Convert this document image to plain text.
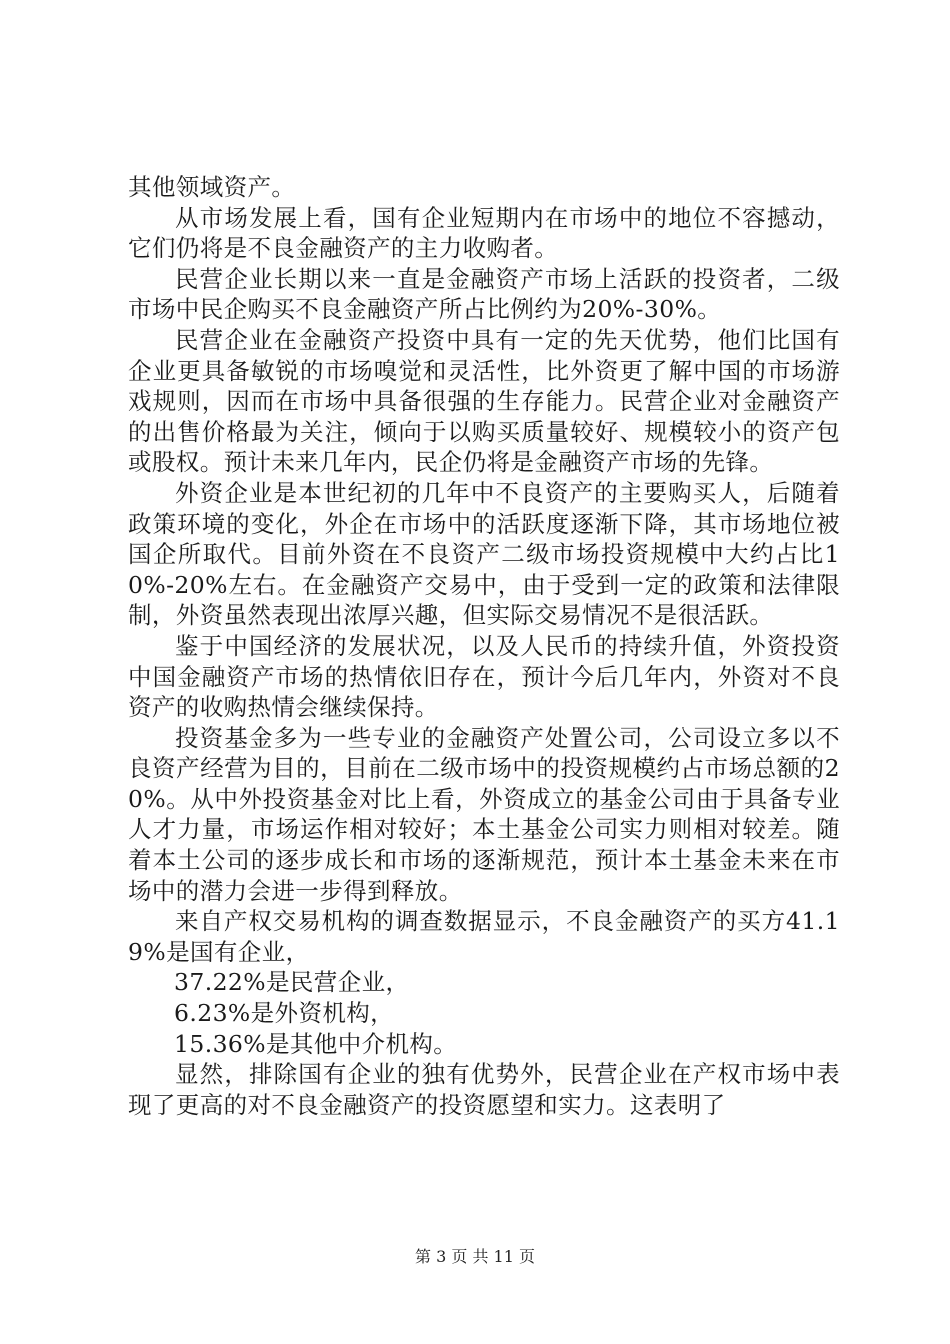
其他领域资产。

从市场发展上看，国有企业短期内在市场中的地位不容撼动，它们仍将是不良金融资产的主力收购者。

民营企业长期以来一直是金融资产市场上活跃的投资者，二级市场中民企购买不良金融资产所占比例约为20%-30%。

民营企业在金融资产投资中具有一定的先天优势，他们比国有企业更具备敏锐的市场嗅觉和灵活性，比外资更了解中国的市场游戏规则，因而在市场中具备很强的生存能力。民营企业对金融资产的出售价格最为关注，倾向于以购买质量较好、规模较小的资产包或股权。预计未来几年内，民企仍将是金融资产市场的先锋。

外资企业是本世纪初的几年中不良资产的主要购买人，后随着政策环境的变化，外企在市场中的活跃度逐渐下降，其市场地位被国企所取代。目前外资在不良资产二级市场投资规模中大约占比10%-20%左右。在金融资产交易中，由于受到一定的政策和法律限制，外资虽然表现出浓厚兴趣，但实际交易情况不是很活跃。

鉴于中国经济的发展状况，以及人民币的持续升值，外资投资中国金融资产市场的热情依旧存在，预计今后几年内，外资对不良资产的收购热情会继续保持。

投资基金多为一些专业的金融资产处置公司，公司设立多以不良资产经营为目的，目前在二级市场中的投资规模约占市场总额的20%。从中外投资基金对比上看，外资成立的基金公司由于具备专业人才力量，市场运作相对较好；本土基金公司实力则相对较差。随着本土公司的逐步成长和市场的逐渐规范，预计本土基金未来在市场中的潜力会进一步得到释放。

来自产权交易机构的调查数据显示，不良金融资产的买方41.19%是国有企业，

37.22%是民营企业，

6.23%是外资机构，

15.36%是其他中介机构。

显然，排除国有企业的独有优势外，民营企业在产权市场中表现了更高的对不良金融资产的投资愿望和实力。这表明了

第 3 页 共 11 页
